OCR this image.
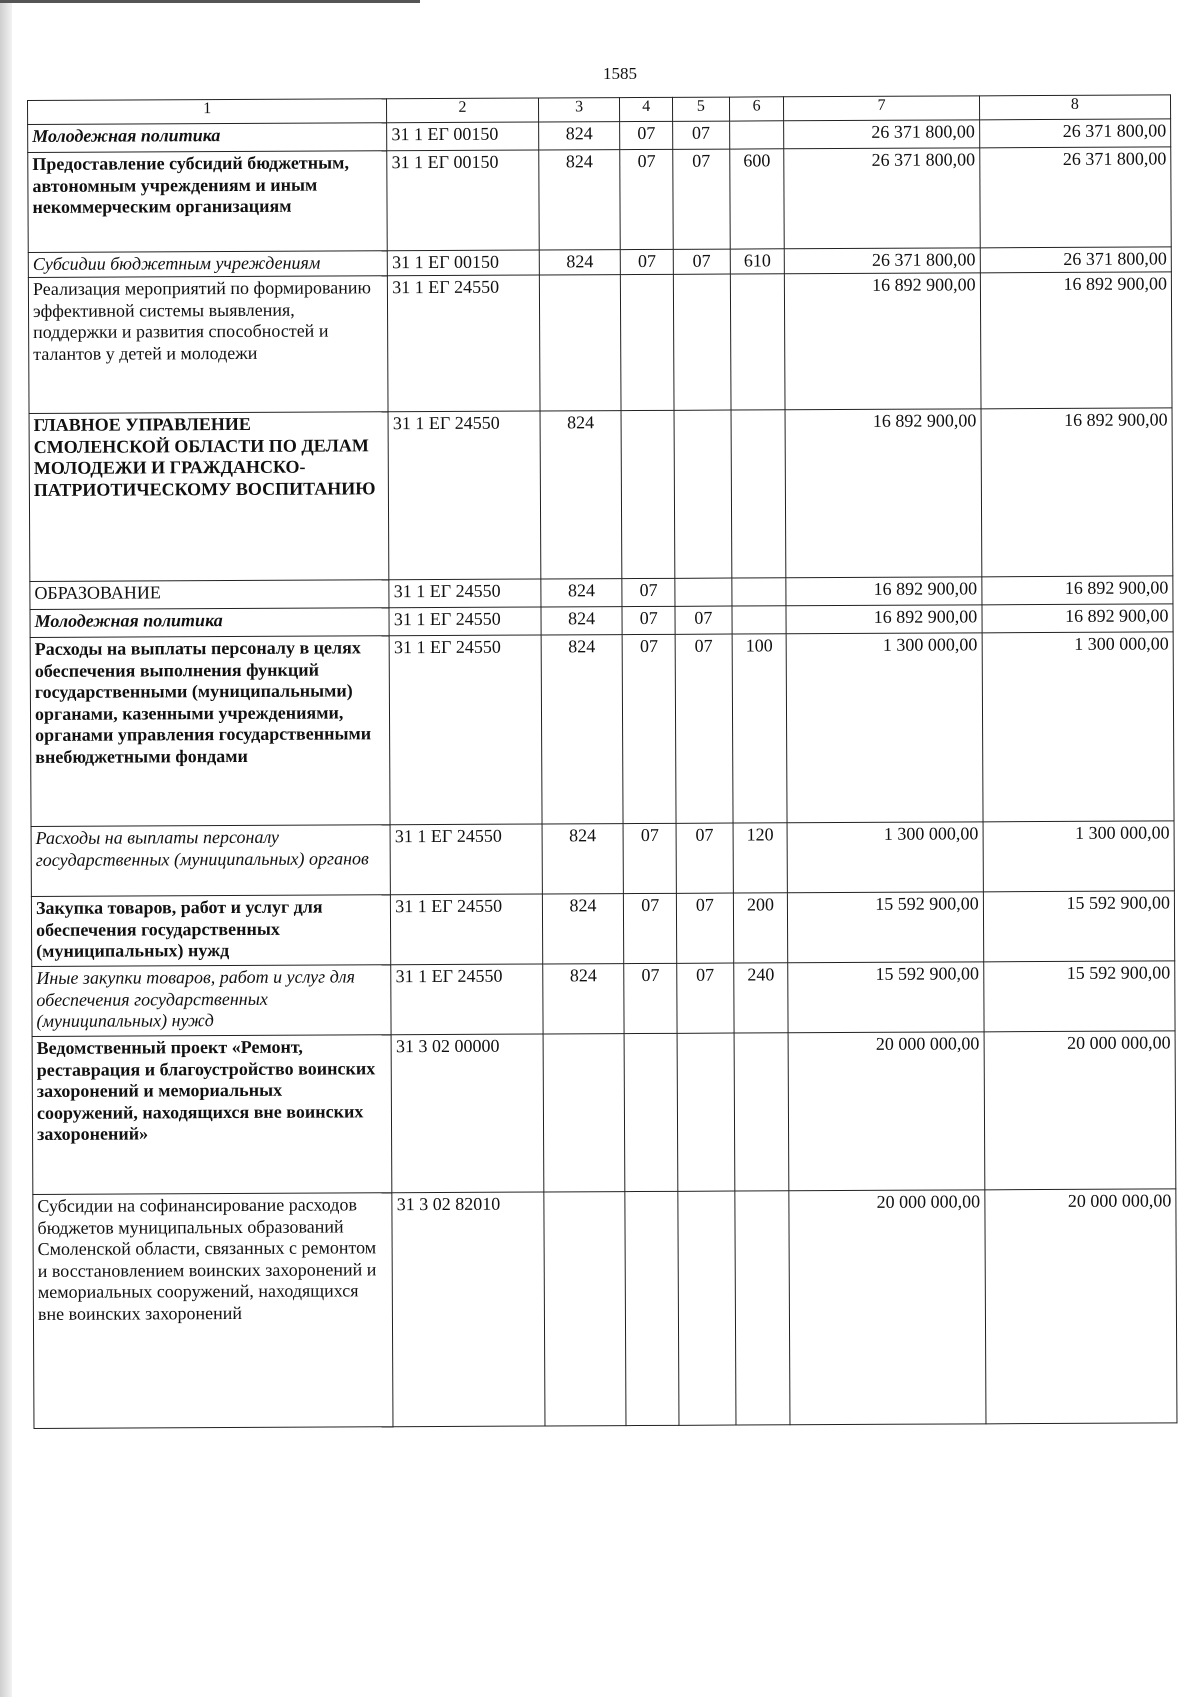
1585
1	2	3	4	5	6	7	8
Молодежная политика	31 1 ЕГ 00150	824	07	07		26 371 800,00	26 371 800,00
Предоставление субсидий бюджетным, автономным учреждениям и иным некоммерческим организациям	31 1 ЕГ 00150	824	07	07	600	26 371 800,00	26 371 800,00
Субсидии бюджетным учреждениям	31 1 ЕГ 00150	824	07	07	610	26 371 800,00	26 371 800,00
Реализация мероприятий по формированию эффективной системы выявления, поддержки и развития способностей и талантов у детей и молодежи	31 1 ЕГ 24550					16 892 900,00	16 892 900,00
ГЛАВНОЕ УПРАВЛЕНИЕ СМОЛЕНСКОЙ ОБЛАСТИ ПО ДЕЛАМ МОЛОДЕЖИ И ГРАЖДАНСКО-ПАТРИОТИЧЕСКОМУ ВОСПИТАНИЮ	31 1 ЕГ 24550	824				16 892 900,00	16 892 900,00
ОБРАЗОВАНИЕ	31 1 ЕГ 24550	824	07			16 892 900,00	16 892 900,00
Молодежная политика	31 1 ЕГ 24550	824	07	07		16 892 900,00	16 892 900,00
Расходы на выплаты персоналу в целях обеспечения выполнения функций государственными (муниципальными) органами, казенными учреждениями, органами управления государственными внебюджетными фондами	31 1 ЕГ 24550	824	07	07	100	1 300 000,00	1 300 000,00
Расходы на выплаты персоналу государственных (муниципальных) органов	31 1 ЕГ 24550	824	07	07	120	1 300 000,00	1 300 000,00
Закупка товаров, работ и услуг для обеспечения государственных (муниципальных) нужд	31 1 ЕГ 24550	824	07	07	200	15 592 900,00	15 592 900,00
Иные закупки товаров, работ и услуг для обеспечения государственных (муниципальных) нужд	31 1 ЕГ 24550	824	07	07	240	15 592 900,00	15 592 900,00
Ведомственный проект «Ремонт, реставрация и благоустройство воинских захоронений и мемориальных сооружений, находящихся вне воинских захоронений»	31 3 02 00000					20 000 000,00	20 000 000,00
Субсидии на софинансирование расходов бюджетов муниципальных образований Смоленской области, связанных с ремонтом и восстановлением воинских захоронений и мемориальных сооружений, находящихся вне воинских захоронений	31 3 02 82010					20 000 000,00	20 000 000,00
